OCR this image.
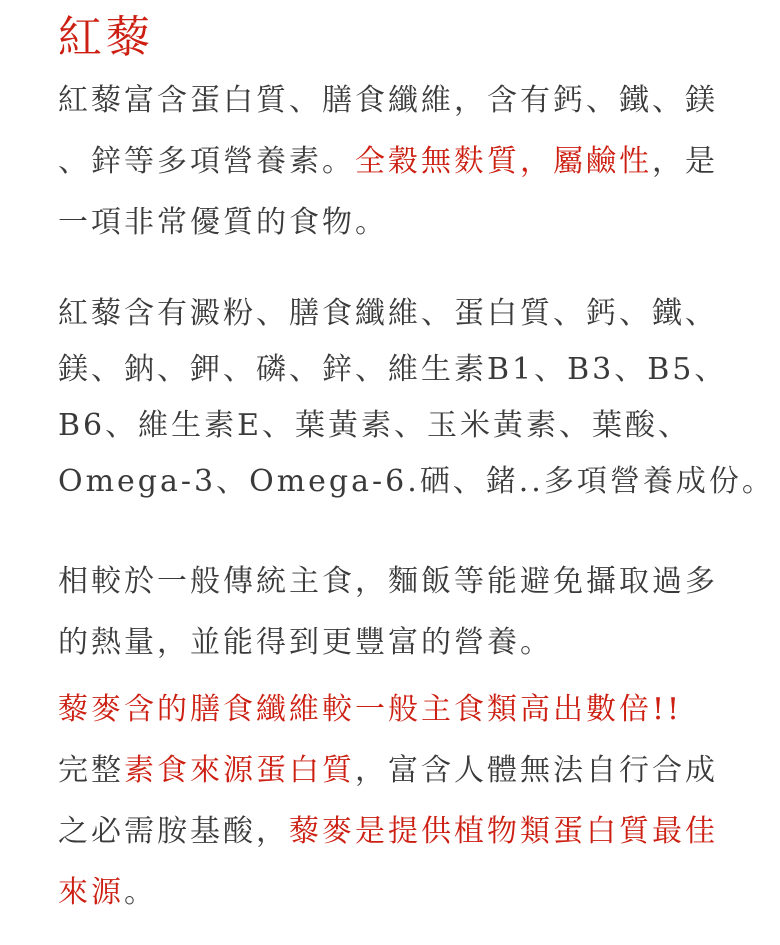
紅藜
紅藜富含蛋白質、膳食纖維，含有鈣、鐵、鎂
、鋅等多項營養素。全穀無麩質，屬鹼性，是
一項非常優質的食物。
紅藜含有澱粉、膳食纖維、蛋白質、鈣、鐵、
鎂、鈉、鉀、磷、鋅、維生素B1、B3、B5、
B6、維生素E、葉黃素、玉米黃素、葉酸、
Omega-3、Omega-6.硒、鍺..多項營養成份。
相較於一般傳統主食，麵飯等能避免攝取過多
的熱量，並能得到更豐富的營養。
藜麥含的膳食纖維較一般主食類高出數倍!!
完整素食來源蛋白質，富含人體無法自行合成
之必需胺基酸，藜麥是提供植物類蛋白質最佳
來源。
